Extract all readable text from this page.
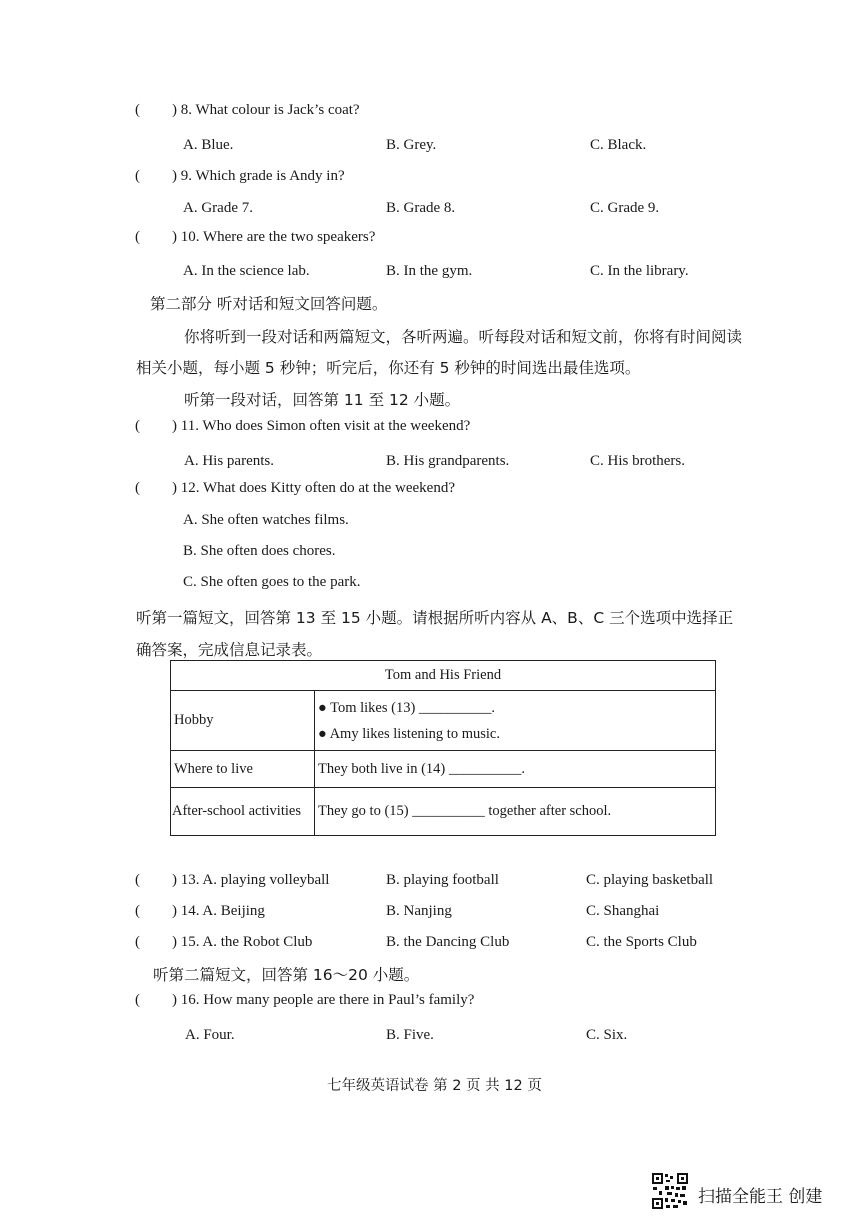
( ) 8. What colour is Jack’s coat?
A. Blue.	B. Grey.	C. Black.
( ) 9. Which grade is Andy in?
A. Grade 7.	B. Grade 8.	C. Grade 9.
( ) 10. Where are the two speakers?
A. In the science lab.	B. In the gym.	C. In the library.
第二部分 听对话和短文回答问题。
你将听到一段对话和两篇短文，各听两遍。听每段对话和短文前，你将有时间阅读
相关小题，每小题 5 秒钟；听完后，你还有 5 秒钟的时间选出最佳选项。
听第一段对话，回答第 11 至 12 小题。
( ) 11. Who does Simon often visit at the weekend?
A. His parents.	B. His grandparents.	C. His brothers.
( ) 12. What does Kitty often do at the weekend?
A. She often watches films.
B. She often does chores.
C. She often goes to the park.
听第一篇短文，回答第 13 至 15 小题。请根据所听内容从 A、B、C 三个选项中选择正
确答案，完成信息记录表。
Tom and His Friend	
Hobby	● Tom likes (13) __________.
● Amy likes listening to music.

Where to live	They both live in (14) __________.
After-school activities	They go to (15) __________ together after school.
( ) 13. A. playing volleyball	B. playing football	C. playing basketball
( ) 14. A. Beijing	B. Nanjing	C. Shanghai
( ) 15. A. the Robot Club	B. the Dancing Club	C. the Sports Club
听第二篇短文，回答第 16～20 小题。
( ) 16. How many people are there in Paul’s family?
A. Four.	B. Five.	C. Six.
七年级英语试卷 第 2 页 共 12 页
扫描全能王 创建
